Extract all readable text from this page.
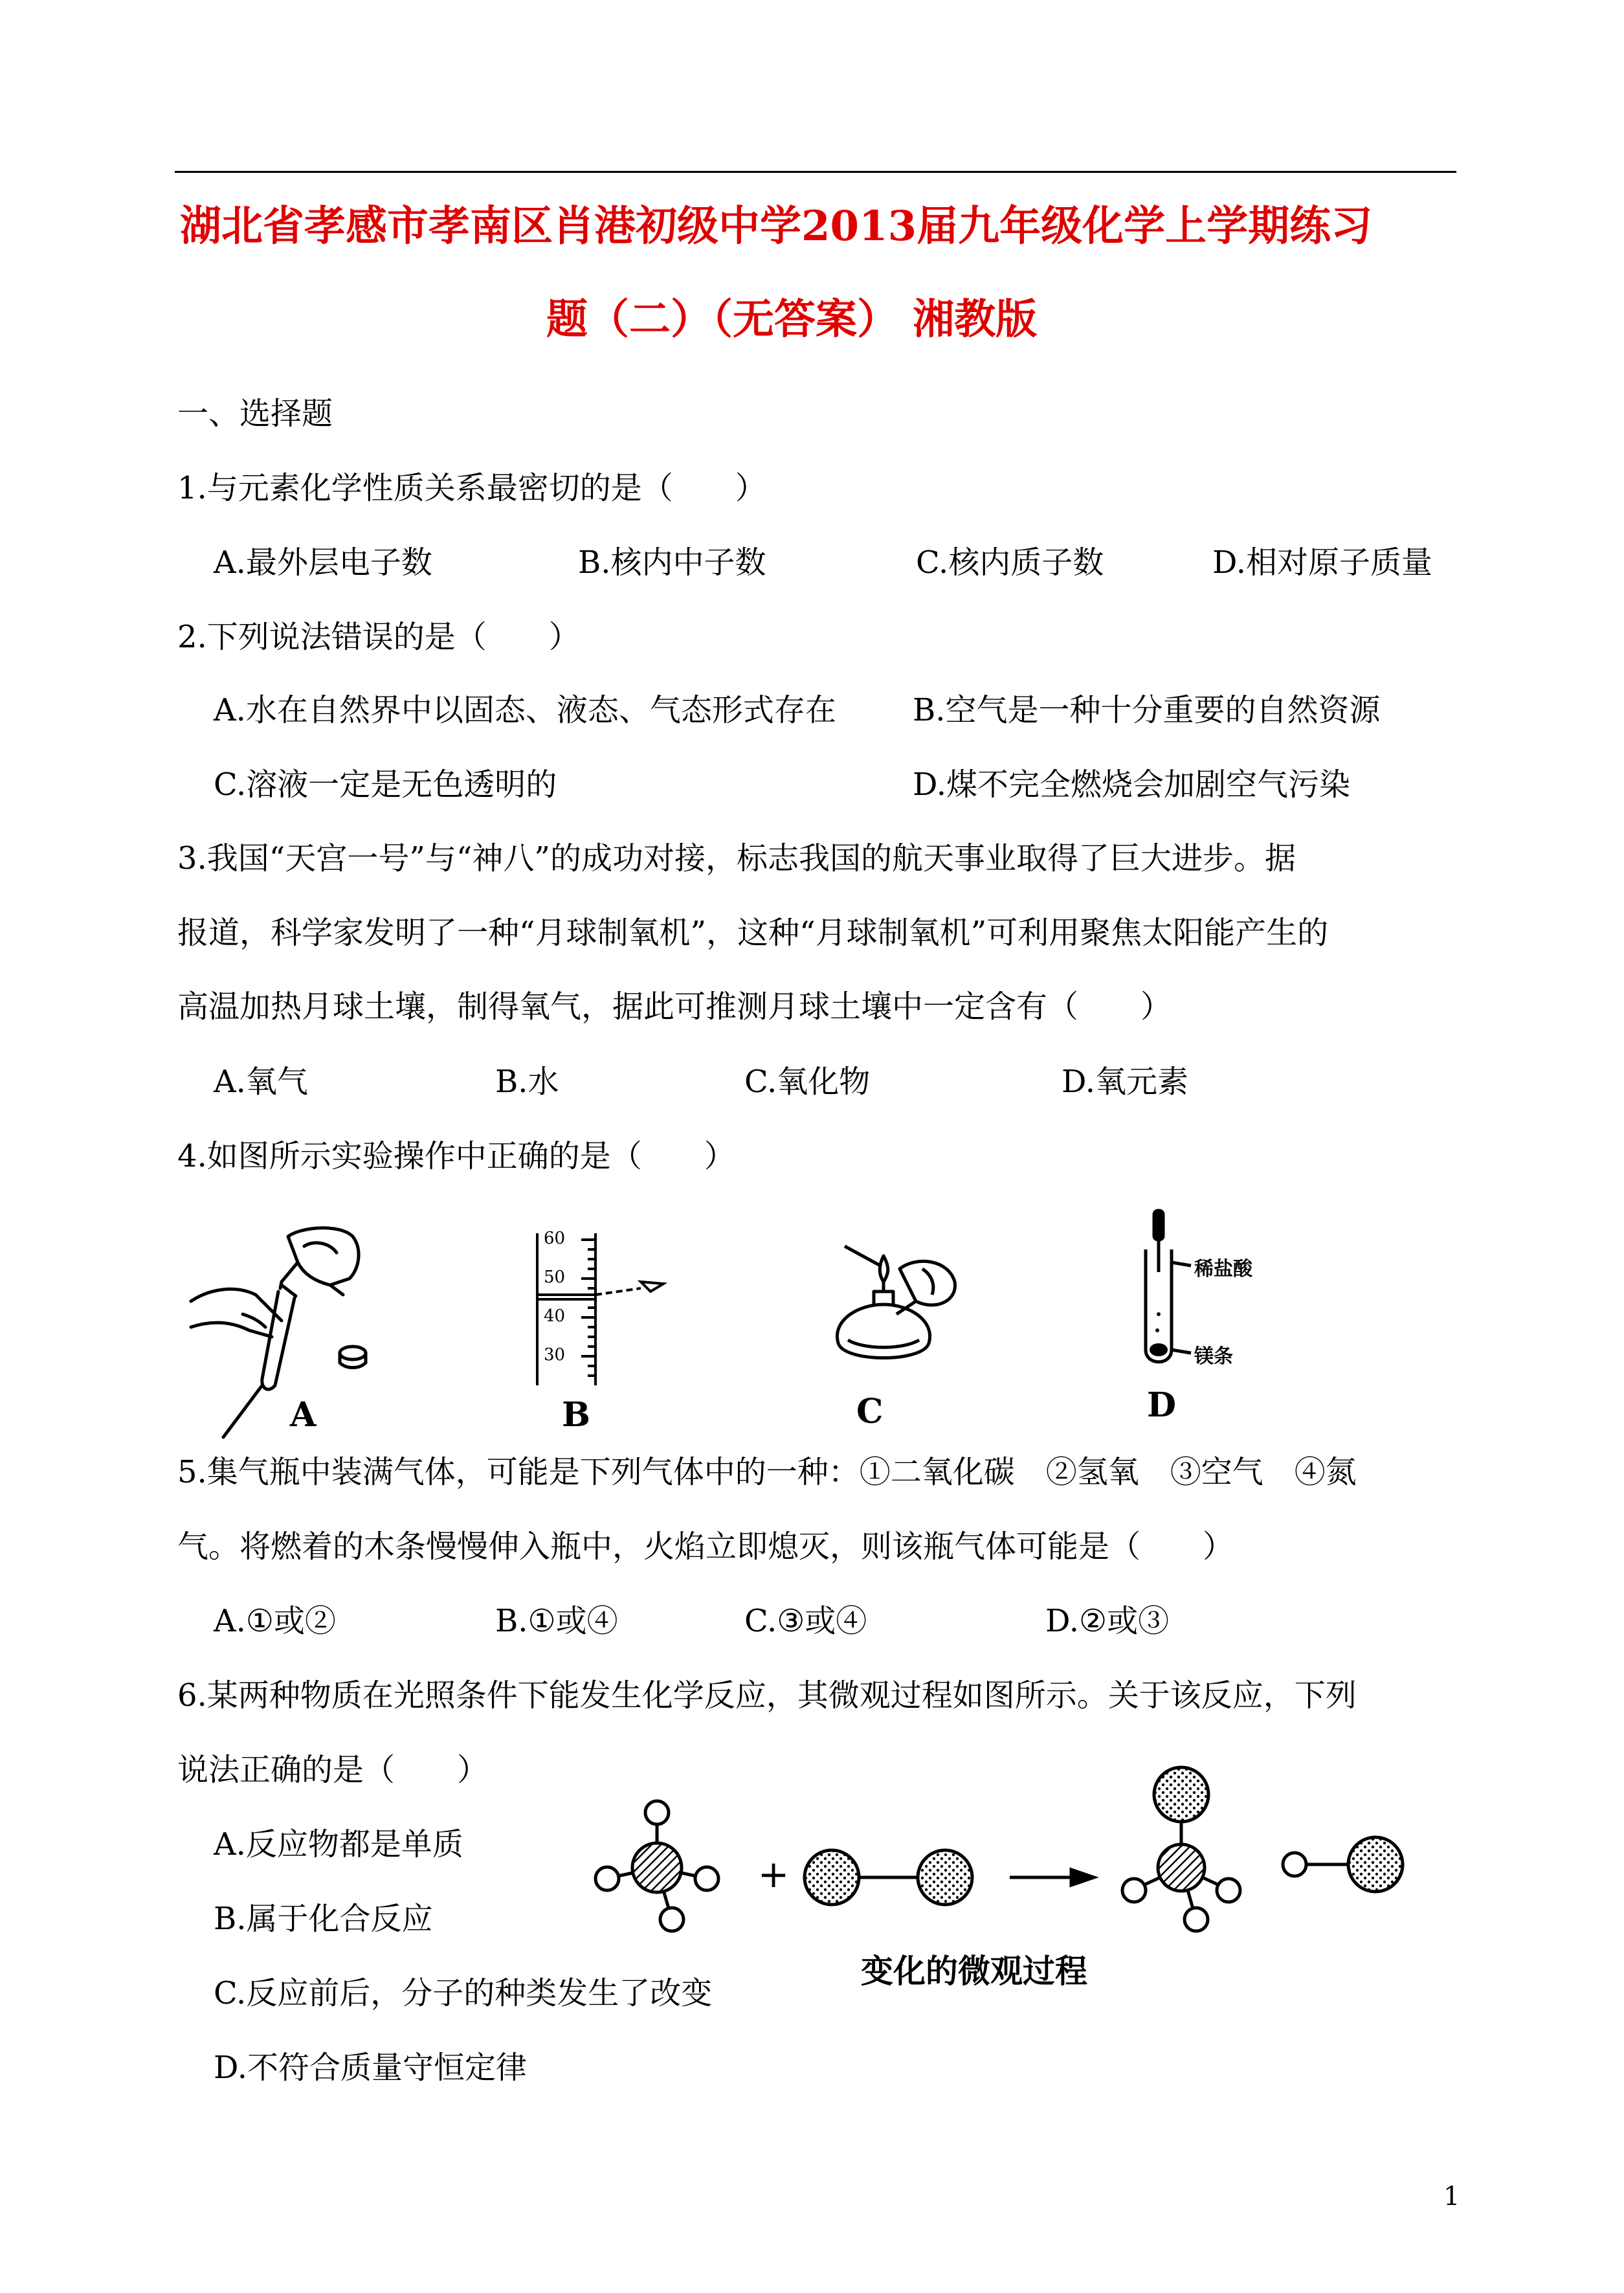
湖北省孝感市孝南区肖港初级中学2013届九年级化学上学期练习
题（二）（无答案） 湘教版
一、选择题
1.与元素化学性质关系最密切的是（　　）
A.最外层电子数	B.核内中子数	C.核内质子数	D.相对原子质量
2.下列说法错误的是（　　）
A.水在自然界中以固态、液态、气态形式存在 B.空气是一种十分重要的自然资源
C.溶液一定是无色透明的	D.煤不完全燃烧会加剧空气污染
3.我国“天宫一号”与“神八”的成功对接，标志我国的航天事业取得了巨大进步。据
报道，科学家发明了一种“月球制氧机”，这种“月球制氧机”可利用聚焦太阳能产生的
高温加热月球土壤，制得氧气，据此可推测月球土壤中一定含有（　　）
A.氧气	B.水	C.氧化物	D.氧元素
4.如图所示实验操作中正确的是（　　）
A
60
50
40
30
B	C
稀盐酸
镁条
D
5.集气瓶中装满气体，可能是下列气体中的一种：①二氧化碳　②氢氧　③空气　④氮
气。将燃着的木条慢慢伸入瓶中，火焰立即熄灭，则该瓶气体可能是（　　）
A.①或②	B.①或④	C.③或④	D.②或③
6.某两种物质在光照条件下能发生化学反应，其微观过程如图所示。关于该反应，下列
说法正确的是（　　）
A.反应物都是单质
B.属于化合反应
C.反应前后，分子的种类发生了改变
D.不符合质量守恒定律
+
变化的微观过程
1
